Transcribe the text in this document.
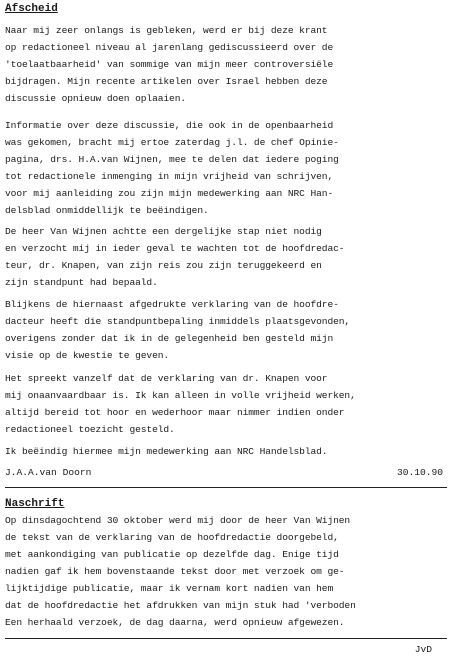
Afscheid
Naar mij zeer onlangs is gebleken, werd er bij deze krant
op redactioneel niveau al jarenlang gediscussieerd over de
'toelaatbaarheid' van sommige van mijn meer controversiële
bijdragen. Mijn recente artikelen over Israel hebben deze
discussie opnieuw doen oplaaien.
Informatie over deze discussie, die ook in de openbaarheid
was gekomen, bracht mij ertoe zaterdag j.l. de chef Opinie-
pagina, drs. H.A.van Wijnen, mee te delen dat iedere poging
tot redactionele inmenging in mijn vrijheid van schrijven,
voor mij aanleiding zou zijn mijn medewerking aan NRC Han-
delsblad onmiddellijk te beëindigen.
De heer Van Wijnen achtte een dergelijke stap niet nodig
en verzocht mij in ieder geval te wachten tot de hoofdredac-
teur, dr. Knapen, van zijn reis zou zijn teruggekeerd en
zijn standpunt had bepaald.
Blijkens de hiernaast afgedrukte verklaring van de hoofdre-
dacteur heeft die standpuntbepaling inmiddels plaatsgevonden,
overigens zonder dat ik in de gelegenheid ben gesteld mijn
visie op de kwestie te geven.
Het spreekt vanzelf dat de verklaring van dr. Knapen voor
mij onaanvaardbaar is. Ik kan alleen in volle vrijheid werken,
altijd bereid tot hoor en wederhoor maar nimmer indien onder
redactioneel toezicht gesteld.
Ik beëindig hiermee mijn medewerking aan NRC Handelsblad.
J.A.A.van Doorn	30.10.90
Naschrift
Op dinsdagochtend 30 oktober werd mij door de heer Van Wijnen
de tekst van de verklaring van de hoofdredactie doorgebeld,
met aankondiging van publicatie op dezelfde dag. Enige tijd
nadien gaf ik hem bovenstaande tekst door met verzoek om ge-
lijktijdige publicatie, maar ik vernam kort nadien van hem
dat de hoofdredactie het afdrukken van mijn stuk had 'verboden
Een herhaald verzoek, de dag daarna, werd opnieuw afgewezen.
JvD
